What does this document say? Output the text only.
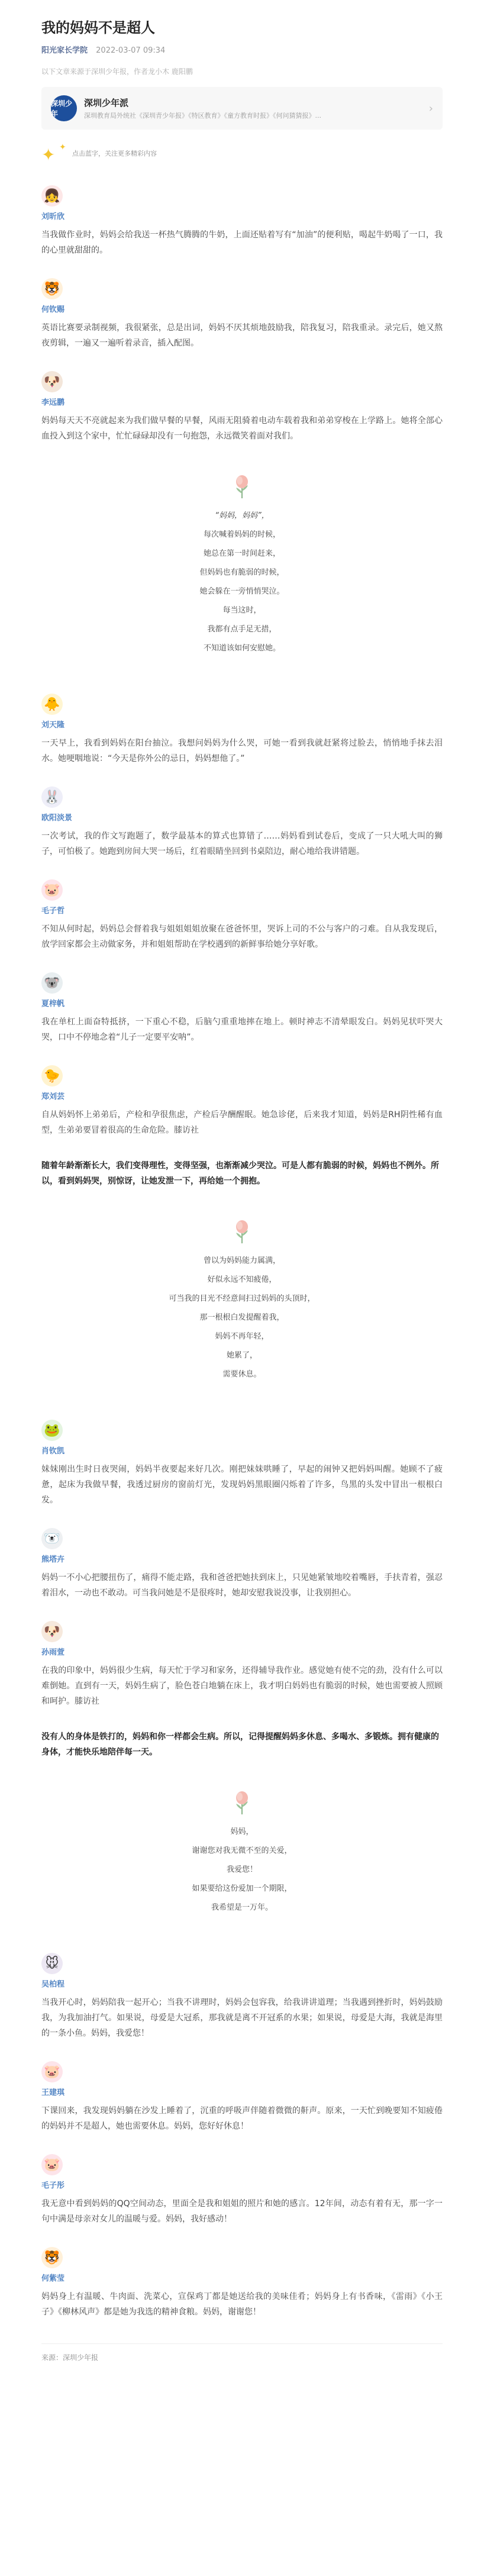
我的妈妈不是超人
阳光家长学院 2022-03-07 09:34
以下文章来源于深圳少年报，作者龙小木 鹿阳鹏
深圳少年
深圳少年派
深圳教育局外统社《深圳青少年报》《特区教育》《童方教育时报》《何问猜猜报》...
›
✦ ✦
点击蓝字，关注更多精彩内容
👧
刘昕欣
当我做作业时，妈妈会给我送一杯热气腾腾的牛奶，上面还贴着写有“加油”的便利贴，喝起牛奶喝了一口，我的心里就甜甜的。
🐯
何钦赐
英语比赛要录制视频，我很紧张，总是出词，妈妈不厌其烦地鼓励我，陪我复习，陪我重录。录完后，她又熬夜剪辑，一遍又一遍听着录音，插入配图。
🐶
李远鹏
妈妈每天天不亮就起来为我们做早餐的早餐，风雨无阻骑着电动车载着我和弟弟穿梭在上学路上。她将全部心血投入到这个家中，忙忙碌碌却没有一句抱怨，永远微笑着面对我们。
“妈妈，妈妈”，
每次喊着妈妈的时候，
她总在第一时间赶来，
但妈妈也有脆弱的时候，
她会躲在一旁悄悄哭泣。
每当这时，
我都有点手足无措，
不知道该如何安慰她。
🐥
刘天隆
一天早上，我看到妈妈在阳台抽泣。我想问妈妈为什么哭，可她一看到我就赶紧将过脸去，悄悄地手抹去泪水。她哽咽地说：“今天是你外公的忌日，妈妈想他了。”
🐰
欧阳淡景
一次考试，我的作文写跑题了，数学最基本的算式也算错了……妈妈看到试卷后，变成了一只大吼大叫的狮子，可怕极了。她跑到房间大哭一场后，红着眼睛坐回到书桌陪边，耐心地给我讲错题。
🐷
毛子哲
不知从何时起，妈妈总会督着我与姐姐姐姐放聚在爸爸怀里，哭诉上司的不公与客户的刁难。自从我发现后，放学回家都会主动做家务，并和姐姐帮助在学校遇到的新鲜事给她分享好歌。
🐨
夏梓帆
我在单杠上面奋特抵挤，一下重心不稳，后脑勺重重地摔在地上。顿时神志不清晕眼发白。妈妈见状吓哭大哭，口中不停地念着“儿子一定要平安呐”。
🐤
郑刘芸
自从妈妈怀上弟弟后，产检和孕很焦虑，产检后孕酬醒眠。她急诊佬，后来我才知道，妈妈是RH阴性稀有血型，生弟弟要冒着很高的生命危险。膝访社
随着年龄渐渐长大，我们变得理性，变得坚强，也渐渐减少哭泣。可是人都有脆弱的时候，妈妈也不例外。所以，看到妈妈哭，别惊讶，让她发泄一下，再给她一个拥抱。
曾以为妈妈能力属满，
好似永远不知疲倦，
可当我的目光不经意间扫过妈妈的头顶时，
那一根根白发提醒着我，
妈妈不再年轻，
她累了，
需要休息。
🐸
肖钦凯
妹妹刚出生时日夜哭闹，妈妈半夜要起来好几次。刚把妹妹哄睡了，早起的闹钟又把妈妈叫醒。她顾不了疲惫，起床为我做早餐，我透过厨房的窗前灯光，发现妈妈黑眼圈闪烁着了许多，鸟黑的头发中冒出一根根白发。
🐻‍❄️
熊塔卉
妈妈一不小心把腰扭伤了，痛得不能走路，我和爸爸把她扶到床上，只见她紧皱地咬着嘴唇，手扶青着，强忍着泪水，一动也不敢动。可当我问她是不是很疼时，她却安慰我说没事，让我别担心。
🐶
孙雨萱
在我的印象中，妈妈很少生病，每天忙于学习和家务，还得辅导我作业。感觉她有使不完的劲，没有什么可以难倒她。直到有一天，妈妈生病了，脸色苍白地躺在床上，我才明白妈妈也有脆弱的时候，她也需要被人照顾和呵护。膝访社
没有人的身体是铁打的，妈妈和你一样都会生病。所以，记得提醒妈妈多休息、多喝水、多锻炼。拥有健康的身体，才能快乐地陪伴每一天。
妈妈，
谢谢您对我无微不至的关爱，
我爱您！
如果要给这份爱加一个期限，
我希望是一万年。
🐭
吴柏程
当我开心时，妈妈陪我一起开心；当我不讲理时，妈妈会包容我，给我讲讲道理；当我遇到挫折时，妈妈鼓励我，为我加油打气。如果说，母爱是大冠系，那我就是离不开冠系的水果；如果说，母爱是大海，我就是海里的一条小鱼。妈妈，我爱您！
🐷
王建琪
下课回来，我发现妈妈躺在沙发上睡着了，沉重的呼吸声伴随着微微的鼾声。原来，一天忙到晚要知不知疲倦的妈妈并不是超人，她也需要休息。妈妈，您好好休息！
🐷
毛子彤
我无意中看到妈妈的QQ空间动态，里面全是我和姐姐的照片和她的感言。12年间，动态有着有无，那一字一句中满是母亲对女儿的温暖与爱。妈妈，我好感动！
🐯
何紫莹
妈妈身上有温暖、牛肉面、洗菜心，宣保鸡丁都是她送给我的美味佳肴；妈妈身上有书香味，《雷雨》《小王子》《柳林风声》都是她为我选的精神食粮。妈妈，谢谢您！
来源：深圳少年报
